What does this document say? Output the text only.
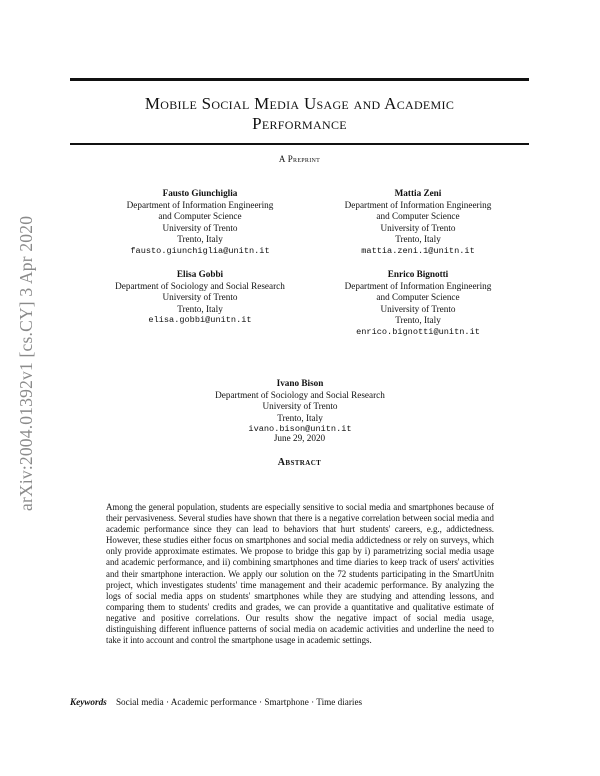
arXiv:2004.01392v1 [cs.CY] 3 Apr 2020
Mobile Social Media Usage and Academic
Performance
A Preprint
Fausto Giunchiglia
Department of Information Engineering
and Computer Science
University of Trento
Trento, Italy
fausto.giunchiglia@unitn.it
Mattia Zeni
Department of Information Engineering
and Computer Science
University of Trento
Trento, Italy
mattia.zeni.1@unitn.it
Elisa Gobbi
Department of Sociology and Social Research
University of Trento
Trento, Italy
elisa.gobbi@unitn.it
Enrico Bignotti
Department of Information Engineering
and Computer Science
University of Trento
Trento, Italy
enrico.bignotti@unitn.it
Ivano Bison
Department of Sociology and Social Research
University of Trento
Trento, Italy
ivano.bison@unitn.it
June 29, 2020
Abstract

Among the general population, students are especially sensitive to social media and smartphones because of their pervasiveness. Several studies have shown that there is a negative correlation between social media and academic performance since they can lead to behaviors that hurt students' careers, e.g., addictedness. However, these studies either focus on smartphones and social media addictedness or rely on surveys, which only provide approximate estimates. We propose to bridge this gap by i) parametrizing social media usage and academic performance, and ii) combining smartphones and time diaries to keep track of users' activities and their smartphone interaction. We apply our solution on the 72 students participating in the SmartUnitn project, which investigates students' time management and their academic performance. By analyzing the logs of social media apps on students' smartphones while they are studying and attending lessons, and comparing them to students' credits and grades, we can provide a quantitative and qualitative estimate of negative and positive correlations. Our results show the negative impact of social media usage, distinguishing different influence patterns of social media on academic activities and underline the need to take it into account and control the smartphone usage in academic settings.

Keywords Social media · Academic performance · Smartphone · Time diaries
